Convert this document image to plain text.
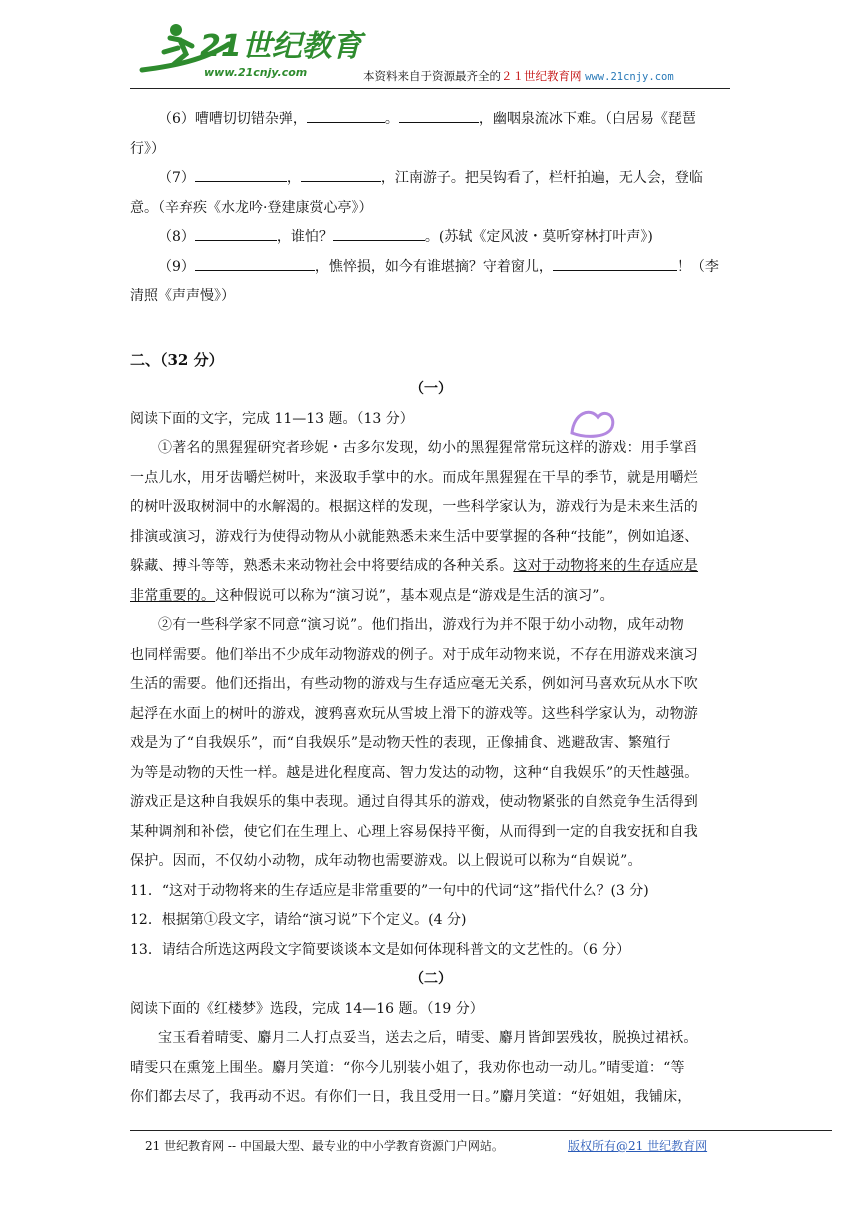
21世纪教育
www.21cnjy.com	本资料来自于资源最齐全的２１世纪教育网 www.21cnjy.com
（6）嘈嘈切切错杂弹，	。	，幽咽泉流冰下难。（白居易《琵琶
行》）
（7）	，	，江南游子。把吴钩看了，栏杆拍遍，无人会，登临
意。（辛弃疾《水龙吟·登建康赏心亭》）
（8）	，谁怕？	。(苏轼《定风波・莫听穿林打叶声》)
（9）	，憔悴损，如今有谁堪摘？守着窗儿，	！（李
清照《声声慢》）
二、（32 分）
（一）
阅读下面的文字，完成 11—13 题。（13 分）
①著名的黑猩猩研究者珍妮・古多尔发现，幼小的黑猩猩常常玩这样的游戏：用手掌舀
一点儿水，用牙齿嚼烂树叶，来汲取手掌中的水。而成年黑猩猩在干旱的季节，就是用嚼烂
的树叶汲取树洞中的水解渴的。根据这样的发现，一些科学家认为，游戏行为是未来生活的
排演或演习，游戏行为使得动物从小就能熟悉未来生活中要掌握的各种“技能”，例如追逐、
躲藏、搏斗等等，熟悉未来动物社会中将要结成的各种关系。这对于动物将来的生存适应是
非常重要的。这种假说可以称为“演习说”，基本观点是“游戏是生活的演习”。
②有一些科学家不同意“演习说”。他们指出，游戏行为并不限于幼小动物，成年动物
也同样需要。他们举出不少成年动物游戏的例子。对于成年动物来说，不存在用游戏来演习
生活的需要。他们还指出，有些动物的游戏与生存适应毫无关系，例如河马喜欢玩从水下吹
起浮在水面上的树叶的游戏，渡鸦喜欢玩从雪坡上滑下的游戏等。这些科学家认为，动物游
戏是为了“自我娱乐”，而“自我娱乐”是动物天性的表现，正像捕食、逃避敌害、繁殖行
为等是动物的天性一样。越是进化程度高、智力发达的动物，这种“自我娱乐”的天性越强。
游戏正是这种自我娱乐的集中表现。通过自得其乐的游戏，使动物紧张的自然竞争生活得到
某种调剂和补偿，使它们在生理上、心理上容易保持平衡，从而得到一定的自我安抚和自我
保护。因而，不仅幼小动物，成年动物也需要游戏。以上假说可以称为“自娱说”。
11．“这对于动物将来的生存适应是非常重要的”一句中的代词“这”指代什么？(3 分)
12．根据第①段文字，请给“演习说”下个定义。(4 分)
13．请结合所选这两段文字简要谈谈本文是如何体现科普文的文艺性的。（6 分）
（二）
阅读下面的《红楼梦》选段，完成 14—16 题。（19 分）
宝玉看着晴雯、麝月二人打点妥当，送去之后，晴雯、麝月皆卸罢残妆，脱换过裙袄。
晴雯只在熏笼上围坐。麝月笑道：“你今儿别装小姐了，我劝你也动一动儿。”晴雯道：“等
你们都去尽了，我再动不迟。有你们一日，我且受用一日。”麝月笑道：“好姐姐，我铺床，
21 世纪教育网 -- 中国最大型、最专业的中小学教育资源门户网站。	版权所有@21 世纪教育网
